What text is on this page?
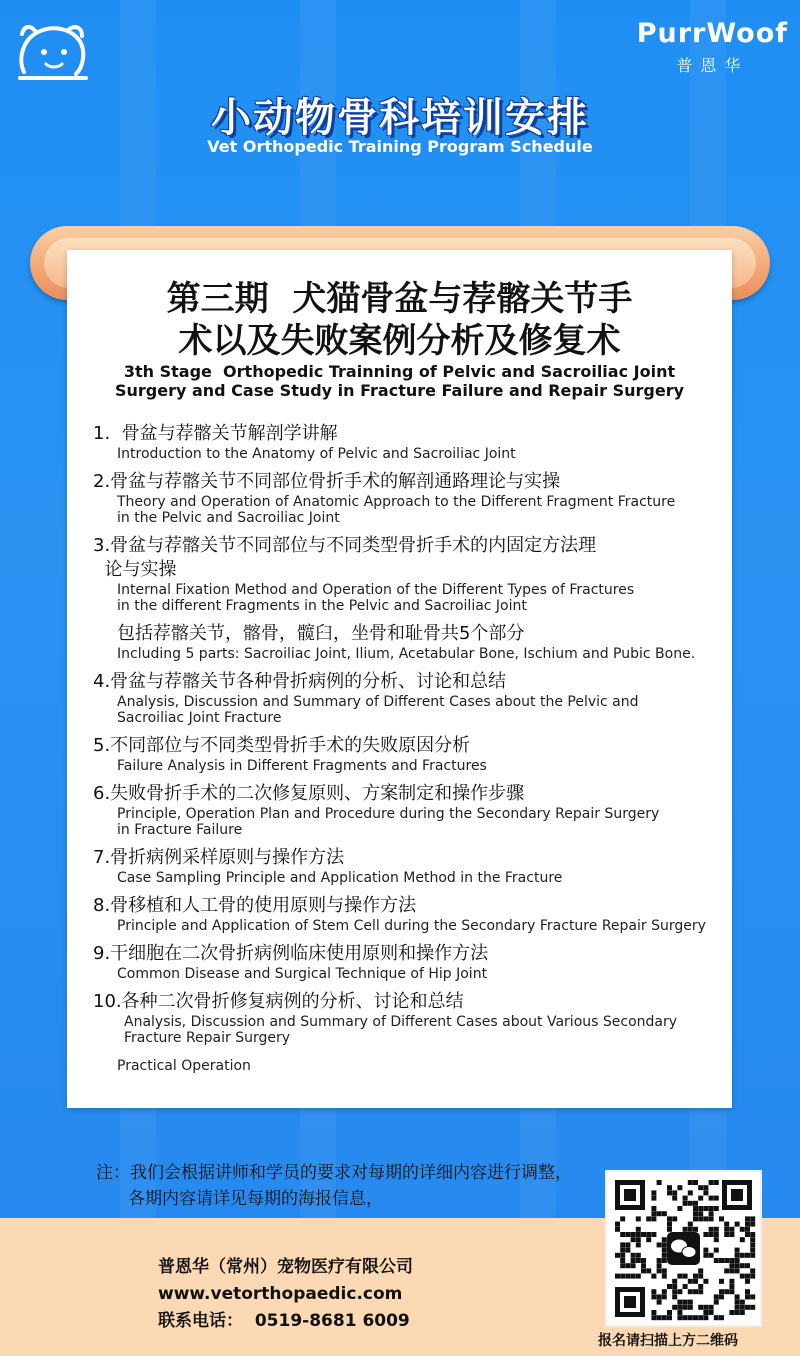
PurrWoof
普恩华
小动物骨科培训安排
Vet Orthopedic Training Program Schedule
第三期  犬猫骨盆与荐髂关节手
术以及失败案例分析及修复术
3th Stage  Orthopedic Trainning of Pelvic and Sacroiliac Joint
Surgery and Case Study in Fracture Failure and Repair Surgery
1.  骨盆与荐髂关节解剖学讲解
Introduction to the Anatomy of Pelvic and Sacroiliac Joint
2.骨盆与荐髂关节不同部位骨折手术的解剖通路理论与实操
Theory and Operation of Anatomic Approach to the Different Fragment Fracture
in the Pelvic and Sacroiliac Joint
3.骨盆与荐髂关节不同部位与不同类型骨折手术的内固定方法理
论与实操
Internal Fixation Method and Operation of the Different Types of Fractures
in the different Fragments in the Pelvic and Sacroiliac Joint
包括荐髂关节，髂骨，髋臼，坐骨和耻骨共5个部分
Including 5 parts: Sacroiliac Joint, Ilium, Acetabular Bone, Ischium and Pubic Bone.
4.骨盆与荐髂关节各种骨折病例的分析、讨论和总结
Analysis, Discussion and Summary of Different Cases about the Pelvic and
Sacroiliac Joint Fracture
5.不同部位与不同类型骨折手术的失败原因分析
Failure Analysis in Different Fragments and Fractures
6.失败骨折手术的二次修复原则、方案制定和操作步骤
Principle, Operation Plan and Procedure during the Secondary Repair Surgery
in Fracture Failure
7.骨折病例采样原则与操作方法
Case Sampling Principle and Application Method in the Fracture
8.骨移植和人工骨的使用原则与操作方法
Principle and Application of Stem Cell during the Secondary Fracture Repair Surgery
9.干细胞在二次骨折病例临床使用原则和操作方法
Common Disease and Surgical Technique of Hip Joint
10.各种二次骨折修复病例的分析、讨论和总结
Analysis, Discussion and Summary of Different Cases about Various Secondary
Fracture Repair Surgery
Practical Operation
注：我们会根据讲师和学员的要求对每期的详细内容进行调整，
各期内容请详见每期的海报信息，
普恩华（常州）宠物医疗有限公司
www.vetorthopaedic.com
联系电话：  0519-8681 6009
报名请扫描上方二维码
